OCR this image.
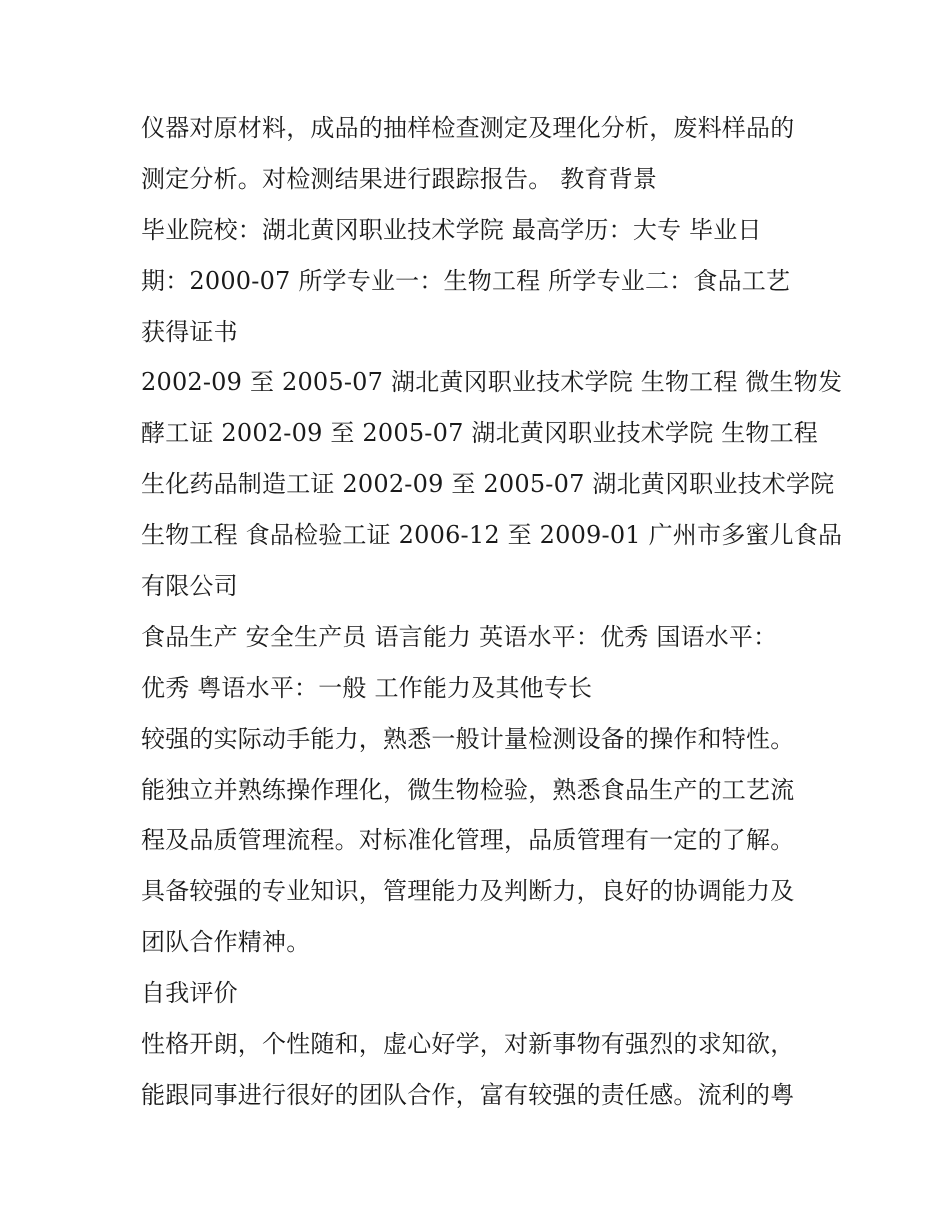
仪器对原材料，成品的抽样检查测定及理化分析，废料样品的
测定分析。对检测结果进行跟踪报告。 教育背景
毕业院校：湖北黄冈职业技术学院 最高学历：大专 毕业日
期：2000-07 所学专业一：生物工程 所学专业二：食品工艺
获得证书
2002-09 至 2005-07 湖北黄冈职业技术学院 生物工程 微生物发
酵工证 2002-09 至 2005-07 湖北黄冈职业技术学院 生物工程
生化药品制造工证 2002-09 至 2005-07 湖北黄冈职业技术学院
生物工程 食品检验工证 2006-12 至 2009-01 广州市多蜜儿食品
有限公司
食品生产 安全生产员 语言能力 英语水平：优秀 国语水平：
优秀 粤语水平：一般 工作能力及其他专长
较强的实际动手能力，熟悉一般计量检测设备的操作和特性。
能独立并熟练操作理化，微生物检验，熟悉食品生产的工艺流
程及品质管理流程。对标准化管理，品质管理有一定的了解。
具备较强的专业知识，管理能力及判断力，良好的协调能力及
团队合作精神。
自我评价
性格开朗，个性随和，虚心好学，对新事物有强烈的求知欲，
能跟同事进行很好的团队合作，富有较强的责任感。流利的粤
